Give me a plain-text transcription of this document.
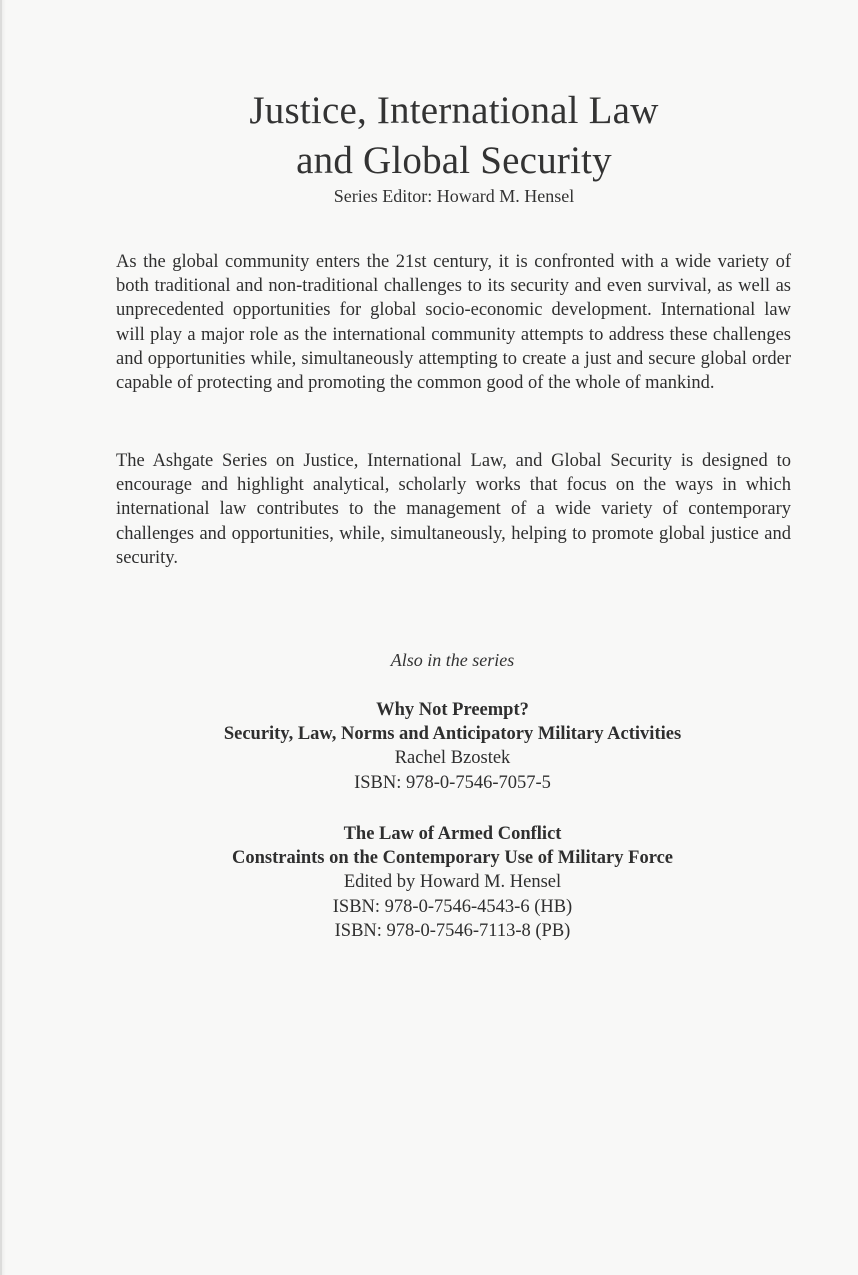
Justice, International Law
and Global Security
Series Editor: Howard M. Hensel

As the global community enters the 21st century, it is confronted with a wide variety of both traditional and non-traditional challenges to its security and even survival, as well as unprecedented opportunities for global socio-economic development. International law will play a major role as the international community attempts to address these challenges and opportunities while, simultaneously attempting to create a just and secure global order capable of protecting and promoting the common good of the whole of mankind.

The Ashgate Series on Justice, International Law, and Global Security is designed to encourage and highlight analytical, scholarly works that focus on the ways in which international law contributes to the management of a wide variety of contemporary challenges and opportunities, while, simultaneously, helping to promote global justice and security.

Also in the series
Why Not Preempt?
Security, Law, Norms and Anticipatory Military Activities
Rachel Bzostek
ISBN: 978-0-7546-7057-5
The Law of Armed Conflict
Constraints on the Contemporary Use of Military Force
Edited by Howard M. Hensel
ISBN: 978-0-7546-4543-6 (HB)
ISBN: 978-0-7546-7113-8 (PB)
